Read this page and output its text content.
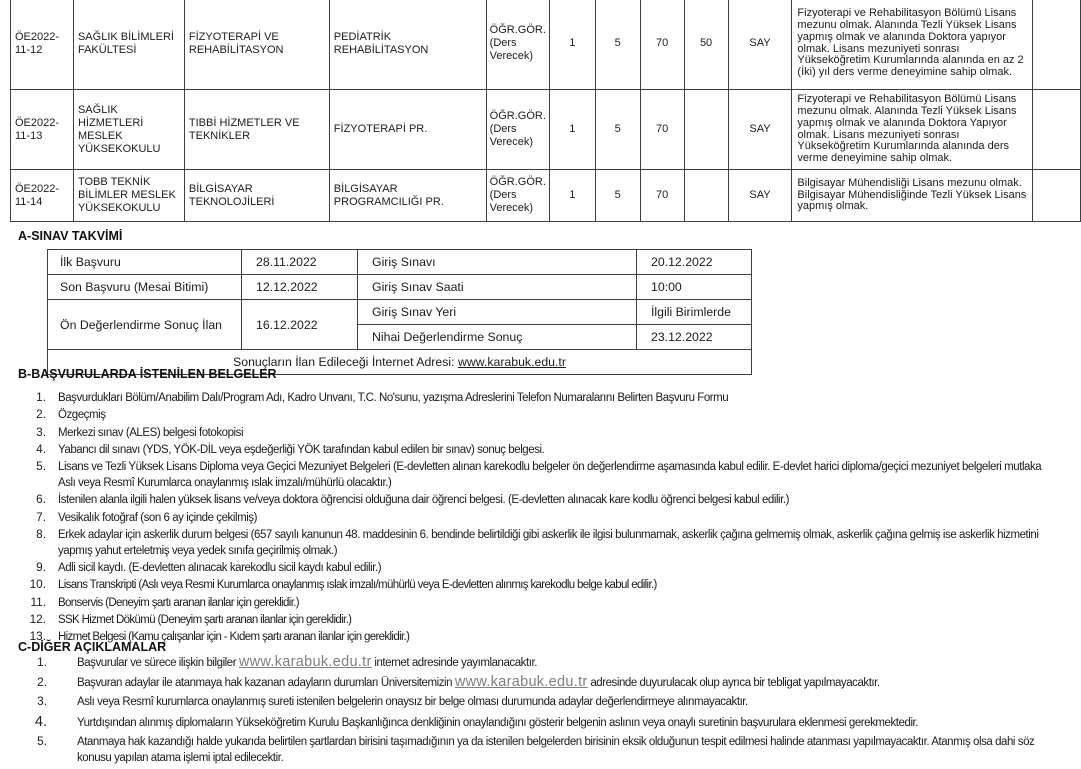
ÖE2022-11-12	SAĞLIK BİLİMLERİ FAKÜLTESİ	FİZYOTERAPİ VE REHABİLİTASYON	PEDİATRİK REHABİLİTASYON	ÖĞR.GÖR. (Ders Verecek)	1	5	70	50	SAY	Fizyoterapi ve Rehabilitasyon Bölümü Lisans mezunu olmak. Alanında Tezli Yüksek Lisans yapmış olmak ve alanında Doktora yapıyor olmak. Lisans mezuniyeti sonrası Yükseköğretim Kurumlarında alanında en az 2 (İki) yıl ders verme deneyimine sahip olmak.	
ÖE2022-11-13	SAĞLIK HİZMETLERİ MESLEK YÜKSEKOKULU	TIBBİ HİZMETLER VE TEKNİKLER	FİZYOTERAPİ PR.	ÖĞR.GÖR. (Ders Verecek)	1	5	70		SAY	Fizyoterapi ve Rehabilitasyon Bölümü Lisans mezunu olmak. Alanında Tezli Yüksek Lisans yapmış olmak ve alanında Doktora Yapıyor olmak. Lisans mezuniyeti sonrası Yükseköğretim Kurumlarında alanında ders verme deneyimine sahip olmak.	
ÖE2022-11-14	TOBB TEKNİK BİLİMLER MESLEK YÜKSEKOKULU	BİLGİSAYAR TEKNOLOJİLERİ	BİLGİSAYAR PROGRAMCILIĞI PR.	ÖĞR.GÖR. (Ders Verecek)	1	5	70		SAY	Bilgisayar Mühendisliği Lisans mezunu olmak. Bilgisayar Mühendisliğinde Tezli Yüksek Lisans yapmış olmak.	
A-SINAV TAKVİMİ
İlk Başvuru	28.11.2022	Giriş Sınavı	20.12.2022
Son Başvuru (Mesai Bitimi)	12.12.2022	Giriş Sınav Saati	10:00
Ön Değerlendirme Sonuç İlan	16.12.2022	Giriş Sınav Yeri	İlgili Birimlerde
		Nihai Değerlendirme Sonuç	23.12.2022
Sonuçların İlan Edileceği İnternet Adresi: www.karabuk.edu.tr			
B-BAŞVURULARDA İSTENİLEN BELGELER
1. Başvurdukları Bölüm/Anabilim Dalı/Program Adı, Kadro Unvanı, T.C. No'sunu, yazışma Adreslerini Telefon Numaralarını Belirten Başvuru Formu
2. Özgeçmiş
3. Merkezi sınav (ALES) belgesi fotokopisi
4. Yabancı dil sınavı (YDS, YÖK-DİL veya eşdeğerliği YÖK tarafından kabul edilen bir sınav) sonuç belgesi.
5. Lisans ve Tezli Yüksek Lisans Diploma veya Geçici Mezuniyet Belgeleri (E-devletten alınan karekodlu belgeler ön değerlendirme aşamasında kabul edilir. E-devlet harici diploma/geçici mezuniyet belgeleri mutlaka Aslı veya Resmî Kurumlarca onaylanmış ıslak imzalı/mühürlü olacaktır.)
6. İstenilen alanla ilgili halen yüksek lisans ve/veya doktora öğrencisi olduğuna dair öğrenci belgesi. (E-devletten alınacak kare kodlu öğrenci belgesi kabul edilir.)
7. Vesikalık fotoğraf (son 6 ay içinde çekilmiş)
8. Erkek adaylar için askerlik durum belgesi (657 sayılı kanunun 48. maddesinin 6. bendinde belirtildiği gibi askerlik ile ilgisi bulunmamak, askerlik çağına gelmemiş olmak, askerlik çağına gelmiş ise askerlik hizmetini yapmış yahut erteletmiş veya yedek sınıfa geçirilmiş olmak.)
9. Adli sicil kaydı. (E-devletten alınacak karekodlu sicil kaydı kabul edilir.)
10. Lisans Transkripti (Aslı veya Resmi Kurumlarca onaylanmış ıslak imzalı/mühürlü veya E-devletten alınmış karekodlu belge kabul edilir.)
11. Bonservis (Deneyim şartı aranan ilanlar için gereklidir.)
12. SSK Hizmet Dökümü (Deneyim şartı aranan ilanlar için gereklidir.)
13. Hizmet Belgesi (Kamu çalışanlar için - Kıdem şartı aranan ilanlar için gereklidir.)
C-DİĞER AÇIKLAMALAR
1.	Başvurular ve sürece ilişkin bilgiler www.karabuk.edu.tr internet adresinde yayımlanacaktır.
2.	Başvuran adaylar ile atanmaya hak kazanan adayların durumları Üniversitemizin www.karabuk.edu.tr adresinde duyurulacak olup ayrıca bir tebligat yapılmayacaktır.
3.	Aslı veya Resmî kurumlarca onaylanmış sureti istenilen belgelerin onaysız bir belge olması durumunda adaylar değerlendirmeye alınmayacaktır.
4.	Yurtdışından alınmış diplomaların Yükseköğretim Kurulu Başkanlığınca denkliğinin onaylandığını gösterir belgenin aslının veya onaylı suretinin başvurulara eklenmesi gerekmektedir.
5.	Atanmaya hak kazandığı halde yukarıda belirtilen şartlardan birisini taşımadığının ya da istenilen belgelerden birisinin eksik olduğunun tespit edilmesi halinde atanması yapılmayacaktır. Atanmış olsa dahi söz konusu yapılan atama işlemi iptal edilecektir.
